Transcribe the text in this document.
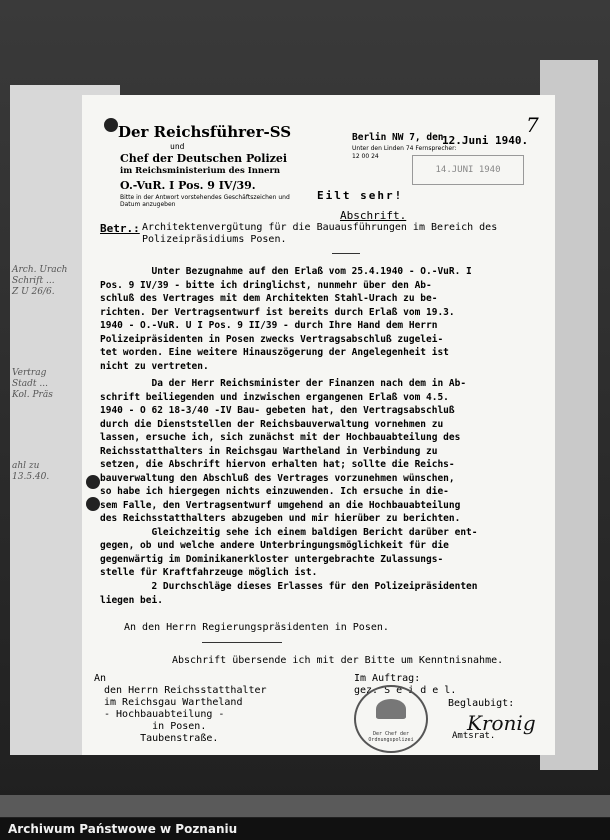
Der Reichsführer-SS
und
Chef der Deutschen Polizei
im Reichsministerium des Innern
O.-VuR. I Pos. 9 IV/39.
Bitte in der Antwort vorstehendes Geschäftszeichen und Datum anzugeben
Berlin NW 7, den
Unter den Linden 74 Fernsprecher: 12 00 24
12.Juni 1940.
7
14.JUNI 1940
Eilt sehr!
Abschrift.
Betr.: Architektenvergütung für die Bauausführungen im Bereich des Polizeipräsidiums Posen.
Unter Bezugnahme auf den Erlaß vom 25.4.1940 - O.-VuR. I
Pos. 9 IV/39 - bitte ich dringlichst, nunmehr über den Ab-
schluß des Vertrages mit dem Architekten Stahl-Urach zu be-
richten. Der Vertragsentwurf ist bereits durch Erlaß vom 19.3.
1940 - O.-VuR. U I Pos. 9 II/39 - durch Ihre Hand dem Herrn
Polizeipräsidenten in Posen zwecks Vertragsabschluß zugelei-
tet worden. Eine weitere Hinauszögerung der Angelegenheit ist
nicht zu vertreten.
Da der Herr Reichsminister der Finanzen nach dem in Ab-
schrift beiliegenden und inzwischen ergangenen Erlaß vom 4.5.
1940 - O 62 18-3/40 -IV Bau- gebeten hat, den Vertragsabschluß
durch die Dienststellen der Reichsbauverwaltung vornehmen zu
lassen, ersuche ich, sich zunächst mit der Hochbauabteilung des
Reichsstatthalters in Reichsgau Wartheland in Verbindung zu
setzen, die Abschrift hiervon erhalten hat; sollte die Reichs-
bauverwaltung den Abschluß des Vertrages vorzunehmen wünschen,
so habe ich hiergegen nichts einzuwenden. Ich ersuche in die-
sem Falle, den Vertragsentwurf umgehend an die Hochbauabteilung
des Reichsstatthalters abzugeben und mir hierüber zu berichten.
Gleichzeitig sehe ich einem baldigen Bericht darüber ent-
gegen, ob und welche andere Unterbringungsmöglichkeit für die
gegenwärtig im Dominikanerkloster untergebrachte Zulassungs-
stelle für Kraftfahrzeuge möglich ist.
2 Durchschläge dieses Erlasses für den Polizeipräsidenten
liegen bei.
An den Herrn Regierungspräsidenten in Posen.
Abschrift übersende ich mit der Bitte um Kenntnisnahme.
An
den Herrn Reichsstatthalter
im Reichsgau Wartheland
- Hochbauabteilung -
in Posen.
Taubenstraße.
Im Auftrag:
gez. S e i d e l.
Der Chef der Ordnungspolizei
Beglaubigt:
Kronig
Amtsrat.
Arch. Urach
Schrift ...
Z U 26/6.
Vertrag
Stadt ...
Kol. Präs
ahl zu
13.5.40.
Archiwum Państwowe w Poznaniu
